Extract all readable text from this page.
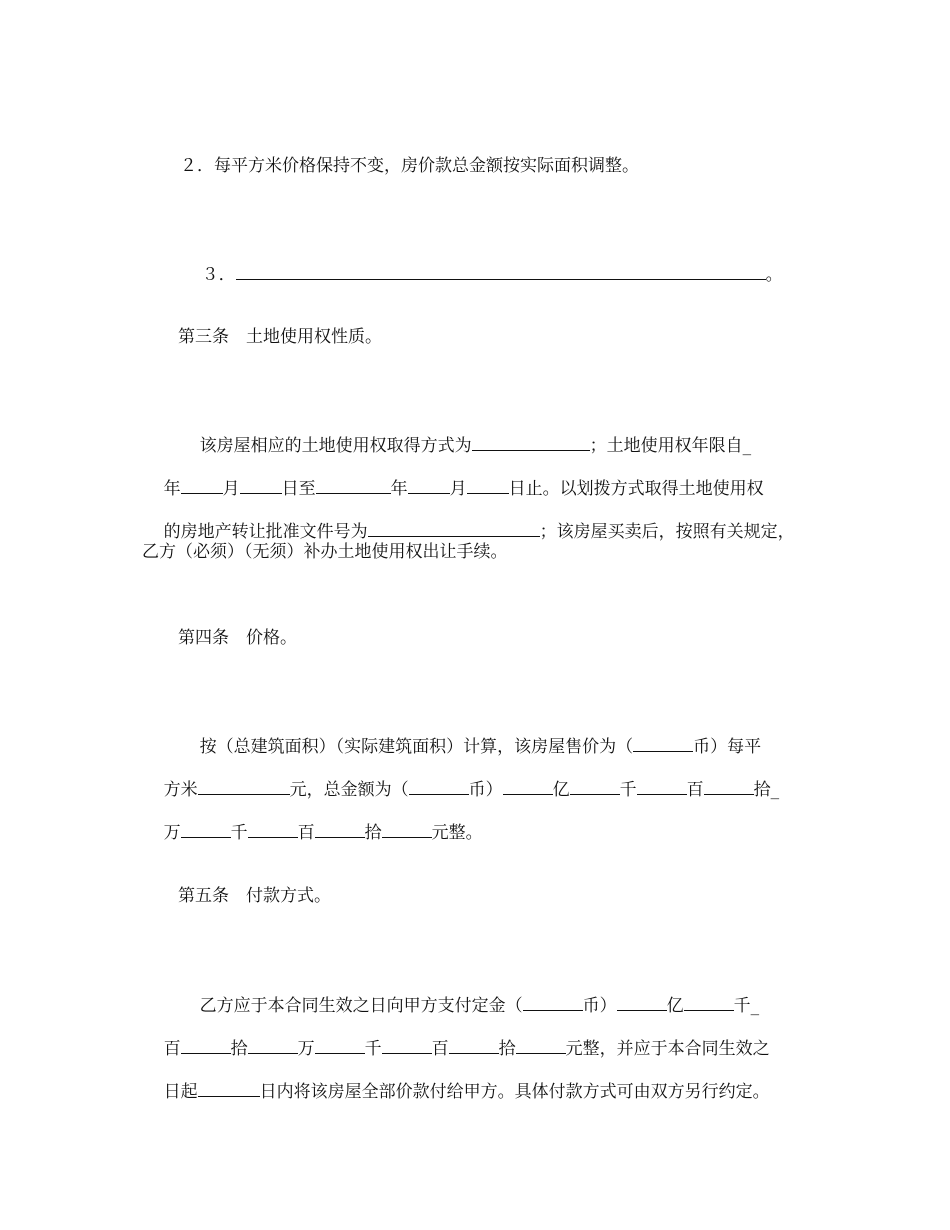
２．每平方米价格保持不变，房价款总金额按实际面积调整。

３．	。

第三条　土地使用权性质。

该房屋相应的土地使用权取得方式为	；土地使用权年限自_

年 月 日至	年 月 日止。以划拨方式取得土地使用权

的房地产转让批准文件号为	；该房屋买卖后，按照有关规定，

乙方（必须）（无须）补办土地使用权出让手续。
第四条　价格。

按（总建筑面积）（实际建筑面积）计算，该房屋售价为（	币）每平

方米	元，总金额为（	币）	亿	千	百	拾_

万	千	百	拾	元整。

第五条　付款方式。

乙方应于本合同生效之日向甲方支付定金（	币）	亿	千_

百	拾	万	千	百	拾	元整，并应于本合同生效之

日起	日内将该房屋全部价款付给甲方。具体付款方式可由双方另行约定。
